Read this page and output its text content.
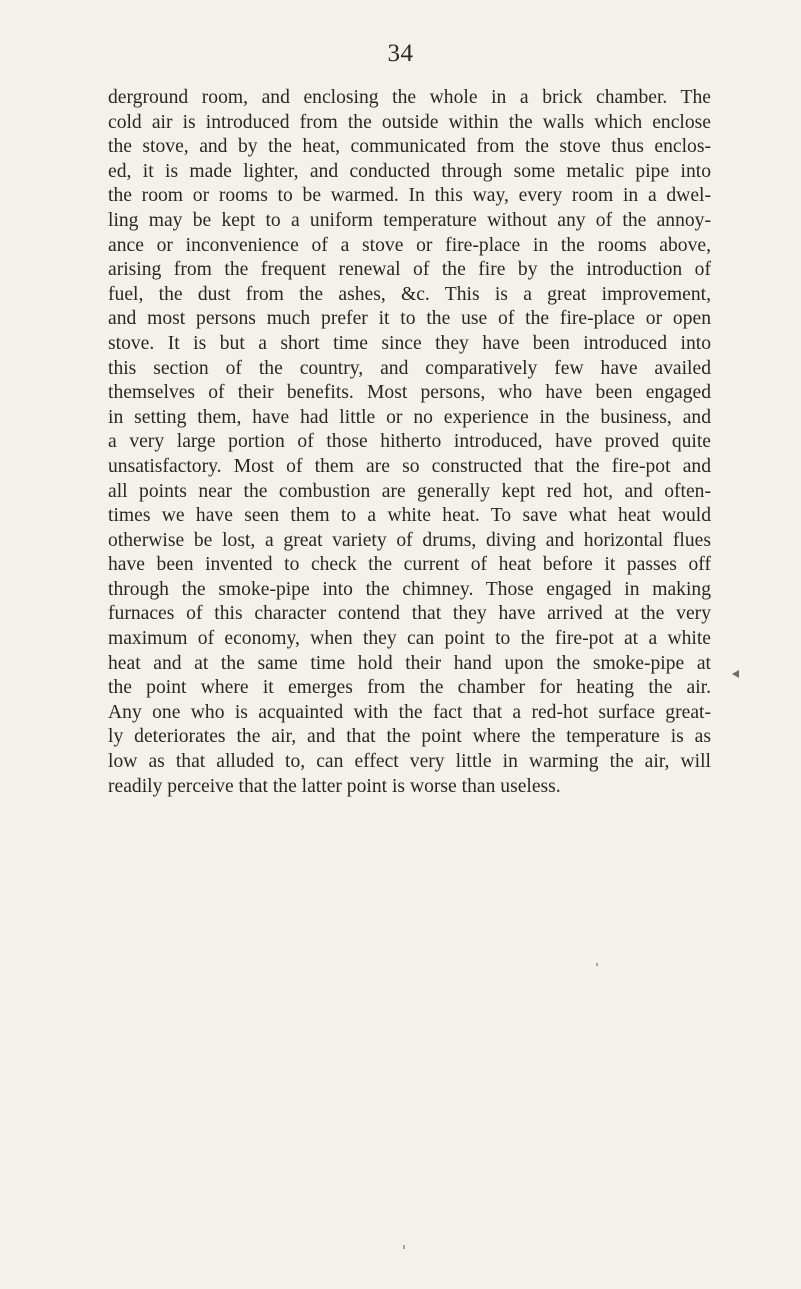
34
derground room, and enclosing the whole in a brick chamber. The
cold air is introduced from the outside within the walls which enclose
the stove, and by the heat, communicated from the stove thus enclos-
ed, it is made lighter, and conducted through some metalic pipe into
the room or rooms to be warmed. In this way, every room in a dwel-
ling may be kept to a uniform temperature without any of the annoy-
ance or inconvenience of a stove or fire-place in the rooms above,
arising from the frequent renewal of the fire by the introduction of
fuel, the dust from the ashes, &c. This is a great improvement,
and most persons much prefer it to the use of the fire-place or open
stove. It is but a short time since they have been introduced into
this section of the country, and comparatively few have availed
themselves of their benefits. Most persons, who have been engaged
in setting them, have had little or no experience in the business, and
a very large portion of those hitherto introduced, have proved quite
unsatisfactory. Most of them are so constructed that the fire-pot and
all points near the combustion are generally kept red hot, and often-
times we have seen them to a white heat. To save what heat would
otherwise be lost, a great variety of drums, diving and horizontal flues
have been invented to check the current of heat before it passes off
through the smoke-pipe into the chimney. Those engaged in making
furnaces of this character contend that they have arrived at the very
maximum of economy, when they can point to the fire-pot at a white
heat and at the same time hold their hand upon the smoke-pipe at
the point where it emerges from the chamber for heating the air.
Any one who is acquainted with the fact that a red-hot surface great-
ly deteriorates the air, and that the point where the temperature is as
low as that alluded to, can effect very little in warming the air, will
readily perceive that the latter point is worse than useless.
